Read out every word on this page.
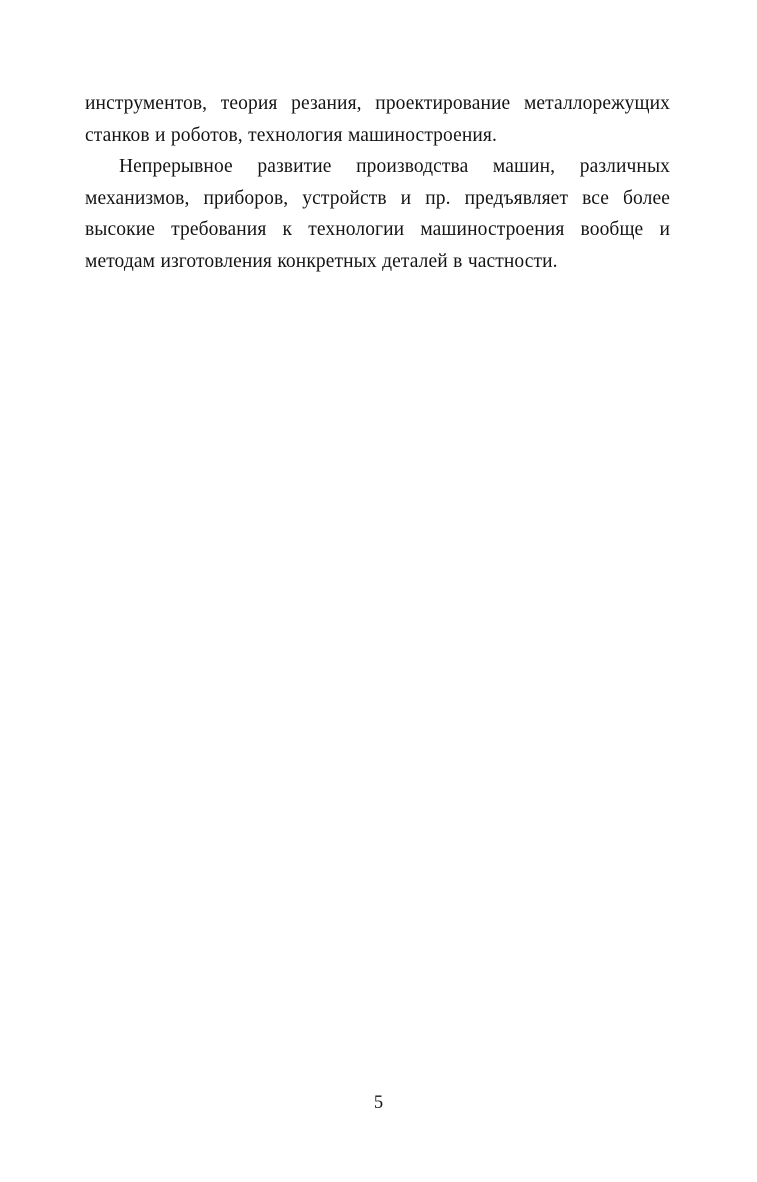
инструментов, теория резания, проектирование металлорежущих станков и роботов, технология машиностроения.

Непрерывное развитие производства машин, различных механизмов, приборов, устройств и пр. предъявляет все более высокие требования к технологии машиностроения вообще и методам изготовления конкретных деталей в частности.

5
